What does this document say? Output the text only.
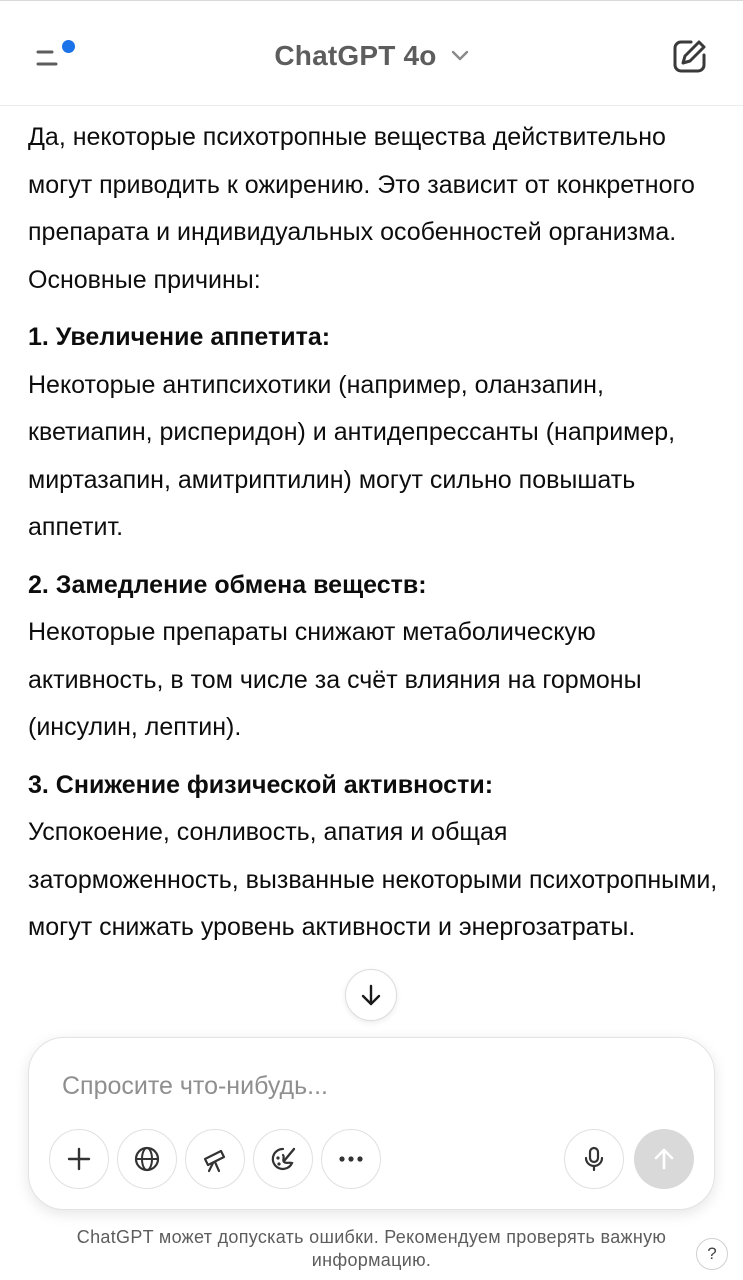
ChatGPT 4o

Да, некоторые психотропные вещества действительно могут приводить к ожирению. Это зависит от конкретного препарата и индивидуальных особенностей организма. Основные причины:

1. Увеличение аппетита:
Некоторые антипсихотики (например, оланзапин, кветиапин, рисперидон) и антидепрессанты (например, миртазапин, амитриптилин) могут сильно повышать аппетит.

2. Замедление обмена веществ:
Некоторые препараты снижают метаболическую активность, в том числе за счёт влияния на гормоны (инсулин, лептин).

3. Снижение физической активности:
Успокоение, сонливость, апатия и общая заторможенность, вызванные некоторыми психотропными, могут снижать уровень активности и энергозатраты.

Спросите что-нибудь...
ChatGPT может допускать ошибки. Рекомендуем проверять важную информацию.	?
